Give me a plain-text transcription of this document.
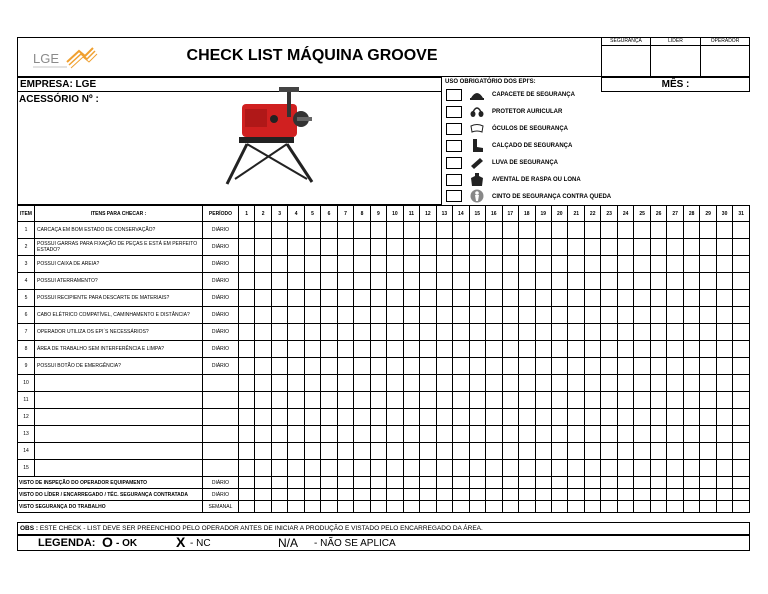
LGE	CHECK LIST MÁQUINA GROOVE
SEGURANÇA	LÍDER	OPERADOR
EMPRESA: LGE
ACESSÓRIO Nº :
USO OBRIGATÓRIO DOS EPI'S:	MÊS :
CAPACETE DE SEGURANÇA
PROTETOR AURICULAR
ÓCULOS DE SEGURANÇA
CALÇADO DE SEGURANÇA
LUVA DE SEGURANÇA
AVENTAL DE RASPA OU LONA
CINTO DE SEGURANÇA CONTRA QUEDA
ITEM	ITENS PARA CHECAR :	PERÍODO	1	2	3	4	5	6	7	8	9	10	11	12	13	14	15	16	17	18	19	20	21	22	23	24	25	26	27	28	29	30	31
1	CARCAÇA EM BOM ESTADO DE CONSERVAÇÃO?	DIÁRIO																															
2	POSSUI GARRAS PARA FIXAÇÃO DE PEÇAS E ESTÁ EM PERFEITO ESTADO?	DIÁRIO																															
3	POSSUI CAIXA DE AREIA?	DIÁRIO																															
4	POSSUI ATERRAMENTO?	DIÁRIO																															
5	POSSUI RECIPIENTE PARA DESCARTE DE MATERIAIS?	DIÁRIO																															
6	CABO ELÉTRICO COMPATÍVEL, CAMINHAMENTO E DISTÂNCIA?	DIÁRIO																															
7	OPERADOR UTILIZA OS EPI´S NECESSÁRIOS?	DIÁRIO																															
8	ÁREA DE TRABALHO SEM INTERFERÊNCIA E LIMPA?	DIÁRIO																															
9	POSSUI BOTÃO DE EMERGÊNCIA?	DIÁRIO																															
10																																	
11																																	
12																																	
13																																	
14																																	
15																																	
VISTO DE INSPEÇÃO DO OPERADOR EQUIPAMENTO		DIÁRIO																															
VISTO DO LÍDER / ENCARREGADO / TÉC. SEGURANÇA CONTRATADA		DIÁRIO																															
VISTO SEGURANÇA DO TRABALHO		SEMANAL																															
OBS : ESTE CHECK - LIST DEVE SER PREENCHIDO PELO OPERADOR ANTES DE INICIAR A PRODUÇÃO E VISTADO PELO ENCARREGADO DA ÁREA.
LEGENDA: O - OK	X - NC	N/A - NÃO SE APLICA
